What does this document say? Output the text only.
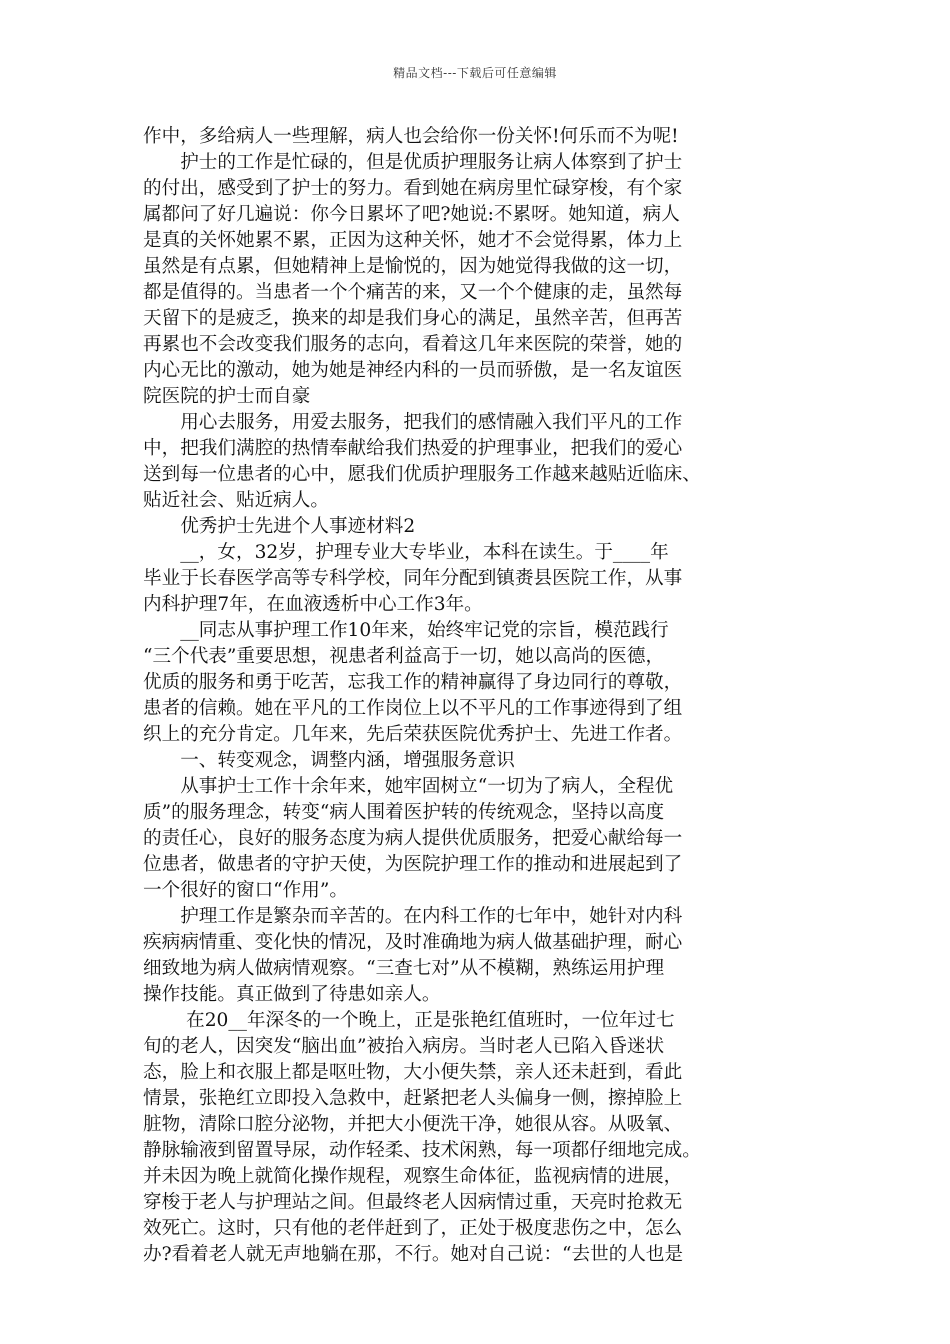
精品文档---下载后可任意编辑
作中，多给病人一些理解，病人也会给你一份关怀!何乐而不为呢!
　　护士的工作是忙碌的，但是优质护理服务让病人体察到了护士
的付出，感受到了护士的努力。看到她在病房里忙碌穿梭，有个家
属都问了好几遍说：你今日累坏了吧?她说:不累呀。她知道，病人
是真的关怀她累不累，正因为这种关怀，她才不会觉得累，体力上
虽然是有点累，但她精神上是愉悦的，因为她觉得我做的这一切，
都是值得的。当患者一个个痛苦的来，又一个个健康的走，虽然每
天留下的是疲乏，换来的却是我们身心的满足，虽然辛苦，但再苦
再累也不会改变我们服务的志向，看着这几年来医院的荣誉，她的
内心无比的激动，她为她是神经内科的一员而骄傲，是一名友谊医
院医院的护士而自豪
　　用心去服务，用爱去服务，把我们的感情融入我们平凡的工作
中，把我们满腔的热情奉献给我们热爱的护理事业，把我们的爱心
送到每一位患者的心中，愿我们优质护理服务工作越来越贴近临床、
贴近社会、贴近病人。
　　优秀护士先进个人事迹材料2
　　__，女，32岁，护理专业大专毕业，本科在读生。于____年
毕业于长春医学高等专科学校，同年分配到镇赉县医院工作，从事
内科护理7年，在血液透析中心工作3年。
　　__同志从事护理工作10年来，始终牢记党的宗旨，模范践行
“三个代表”重要思想，视患者利益高于一切，她以高尚的医德，
优质的服务和勇于吃苦，忘我工作的精神赢得了身边同行的尊敬，
患者的信赖。她在平凡的工作岗位上以不平凡的工作事迹得到了组
织上的充分肯定。几年来，先后荣获医院优秀护士、先进工作者。
　　一、转变观念，调整内涵，增强服务意识
　　从事护士工作十余年来，她牢固树立“一切为了病人，全程优
质”的服务理念，转变“病人围着医护转的传统观念，坚持以高度
的责任心，良好的服务态度为病人提供优质服务，把爱心献给每一
位患者，做患者的守护天使，为医院护理工作的推动和进展起到了
一个很好的窗口“作用”。
　　护理工作是繁杂而辛苦的。在内科工作的七年中，她针对内科
疾病病情重、变化快的情况，及时准确地为病人做基础护理，耐心
细致地为病人做病情观察。“三查七对”从不模糊，熟练运用护理
操作技能。真正做到了待患如亲人。
　　 在20__年深冬的一个晚上，正是张艳红值班时，一位年过七
旬的老人，因突发“脑出血”被抬入病房。当时老人已陷入昏迷状
态，脸上和衣服上都是呕吐物，大小便失禁，亲人还未赶到，看此
情景，张艳红立即投入急救中，赶紧把老人头偏身一侧，擦掉脸上
脏物，清除口腔分泌物，并把大小便洗干净，她很从容。从吸氧、
静脉输液到留置导尿，动作轻柔、技术闲熟，每一项都仔细地完成。
并未因为晚上就简化操作规程，观察生命体征，监视病情的进展，
穿梭于老人与护理站之间。但最终老人因病情过重，天亮时抢救无
效死亡。这时，只有他的老伴赶到了，正处于极度悲伤之中，怎么
办?看着老人就无声地躺在那，不行。她对自己说：“去世的人也是
